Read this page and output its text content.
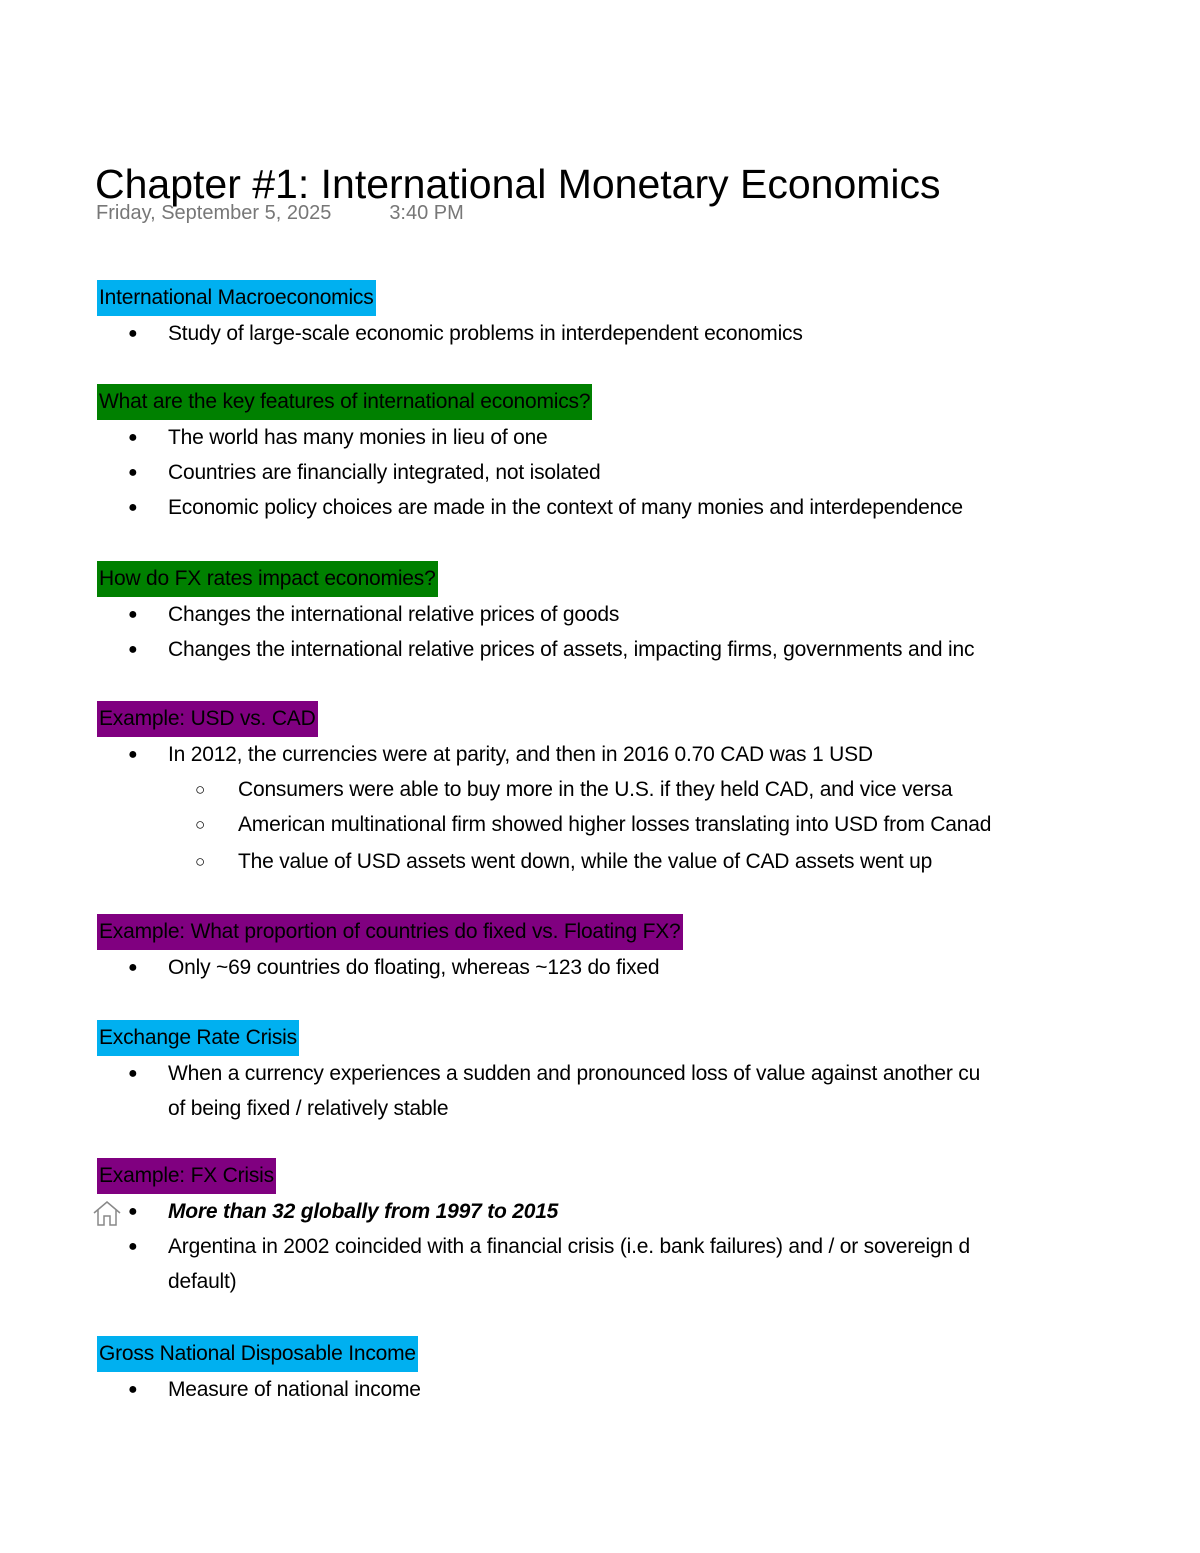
Chapter #1: International Monetary Economics
Friday, September 5, 2025	3:40 PM
International Macroeconomics
● Study of large-scale economic problems in interdependent economics
What are the key features of international economics?
● The world has many monies in lieu of one
● Countries are financially integrated, not isolated
● Economic policy choices are made in the context of many monies and interdependence
How do FX rates impact economies?
● Changes the international relative prices of goods
● Changes the international relative prices of assets, impacting firms, governments and inc
Example: USD vs. CAD
● In 2012, the currencies were at parity, and then in 2016 0.70 CAD was 1 USD
○ Consumers were able to buy more in the U.S. if they held CAD, and vice versa
○ American multinational firm showed higher losses translating into USD from Canad
○ The value of USD assets went down, while the value of CAD assets went up
Example: What proportion of countries do fixed vs. Floating FX?
● Only ~69 countries do floating, whereas ~123 do fixed
Exchange Rate Crisis
● When a currency experiences a sudden and pronounced loss of value against another cu
of being fixed / relatively stable
Example: FX Crisis
● More than 32 globally from 1997 to 2015
● Argentina in 2002 coincided with a financial crisis (i.e. bank failures) and / or sovereign d
default)
Gross National Disposable Income
● Measure of national income
